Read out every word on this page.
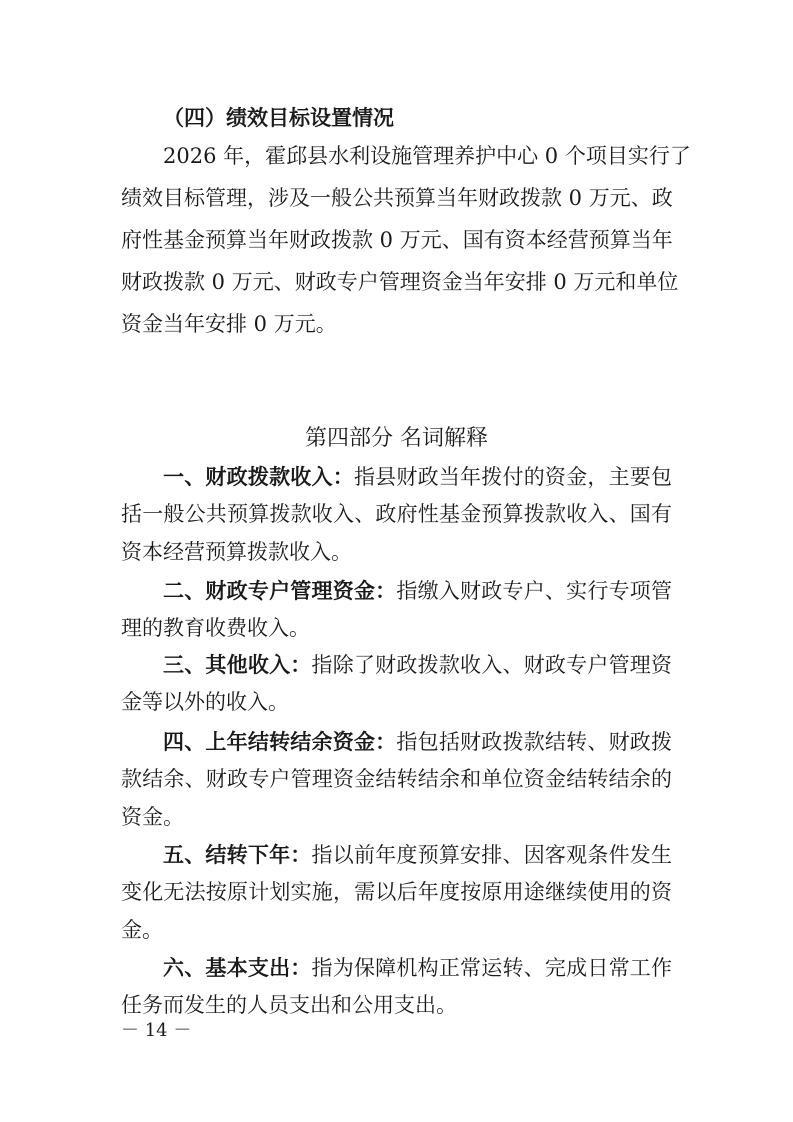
（四）绩效目标设置情况
2026 年，霍邱县水利设施管理养护中心 0 个项目实行了
绩效目标管理，涉及一般公共预算当年财政拨款 0 万元、政
府性基金预算当年财政拨款 0 万元、国有资本经营预算当年
财政拨款 0 万元、财政专户管理资金当年安排 0 万元和单位
资金当年安排 0 万元。
第四部分 名词解释
一、财政拨款收入：指县财政当年拨付的资金，主要包
括一般公共预算拨款收入、政府性基金预算拨款收入、国有
资本经营预算拨款收入。
二、财政专户管理资金：指缴入财政专户、实行专项管
理的教育收费收入。
三、其他收入：指除了财政拨款收入、财政专户管理资
金等以外的收入。
四、上年结转结余资金：指包括财政拨款结转、财政拨
款结余、财政专户管理资金结转结余和单位资金结转结余的
资金。
五、结转下年：指以前年度预算安排、因客观条件发生
变化无法按原计划实施，需以后年度按原用途继续使用的资
金。
六、基本支出：指为保障机构正常运转、完成日常工作
任务而发生的人员支出和公用支出。
－ 14 －
